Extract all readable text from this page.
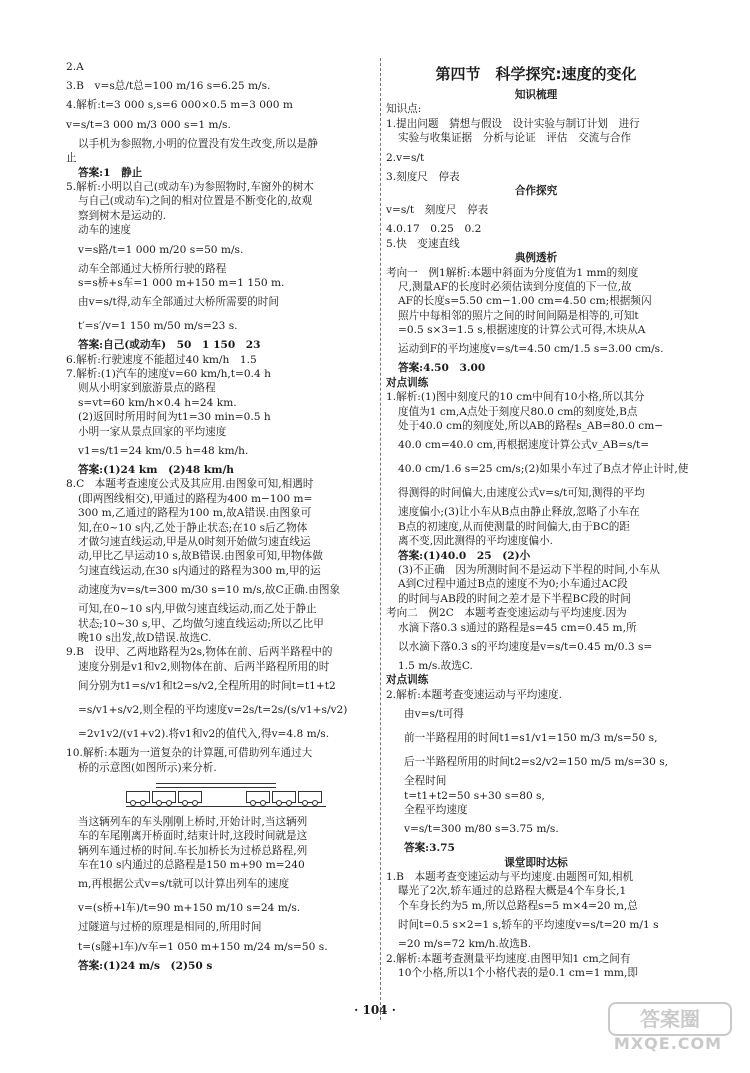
2.A
3.B　v=s总/t总=100 m/16 s=6.25 m/s.
4.解析:t=3 000 s,s=6 000×0.5 m=3 000 m
v=s/t=3 000 m/3 000 s=1 m/s.
以手机为参照物,小明的位置没有发生改变,所以是静
止
答案:1　静止
5.解析:小明以自己(或动车)为参照物时,车窗外的树木
与自己(或动车)之间的相对位置是不断变化的,故观
察到树木是运动的.
动车的速度
v=s路/t=1 000 m/20 s=50 m/s.
动车全部通过大桥所行驶的路程
s=s桥+s车=1 000 m+150 m=1 150 m.
由v=s/t得,动车全部通过大桥所需要的时间
t′=s′/v=1 150 m/50 m/s=23 s.
答案:自己(或动车)　50　1 150　23
6.解析:行驶速度不能超过40 km/h　1.5
7.解析:(1)汽车的速度v=60 km/h,t=0.4 h
则从小明家到旅游景点的路程
s=vt=60 km/h×0.4 h=24 km.
(2)返回时所用时间为t1=30 min=0.5 h
小明一家从景点回家的平均速度
v1=s/t1=24 km/0.5 h=48 km/h.
答案:(1)24 km　(2)48 km/h
8.C　本题考查速度公式及其应用.由图象可知,相遇时
(即两图线相交),甲通过的路程为400 m−100 m=
300 m,乙通过的路程为100 m,故A错误.由图象可
知,在0~10 s内,乙处于静止状态;在10 s后乙物体
才做匀速直线运动,甲是从0时刻开始做匀速直线运
动,甲比乙早运动10 s,故B错误.由图象可知,甲物体做
匀速直线运动,在30 s内通过的路程为300 m,甲的运
动速度为v=s/t=300 m/30 s=10 m/s,故C正确.由图象
可知,在0~10 s内,甲做匀速直线运动,而乙处于静止
状态;10~30 s,甲、乙均做匀速直线运动;所以乙比甲
晚10 s出发,故D错误.故选C.
9.B　设甲、乙两地路程为2s,物体在前、后两半路程中的
速度分别是v1和v2,则物体在前、后两半路程所用的时
间分别为t1=s/v1和t2=s/v2,全程所用的时间t=t1+t2
=s/v1+s/v2,则全程的平均速度v=2s/t=2s/(s/v1+s/v2)
=2v1v2/(v1+v2).将v1和v2的值代入,得v=4.8 m/s.
10.解析:本题为一道复杂的计算题,可借助列车通过大
桥的示意图(如图所示)来分析.
当这辆列车的车头刚刚上桥时,开始计时,当这辆列
车的车尾刚离开桥面时,结束计时,这段时间就是这
辆列车通过桥的时间.车长加桥长为过桥总路程,列
车在10 s内通过的总路程是150 m+90 m=240
m,再根据公式v=s/t就可以计算出列车的速度
v=(s桥+l车)/t=90 m+150 m/10 s=24 m/s.
过隧道与过桥的原理是相同的,所用时间
t=(s隧+l车)/v车=1 050 m+150 m/24 m/s=50 s.
答案:(1)24 m/s　(2)50 s
第四节　科学探究:速度的变化
知识梳理
知识点:
1.提出问题　猜想与假设　设计实验与制订计划　进行
实验与收集证据　分析与论证　评估　交流与合作
2.v=s/t
3.刻度尺　停表
合作探究
v=s/t　刻度尺　停表
4.0.17　0.25　0.2
5.快　变速直线
典例透析
考向一　例1解析:本题中斜面为分度值为1 mm的刻度
尺,测量AF的长度时必须估读到分度值的下一位,故
AF的长度s=5.50 cm−1.00 cm=4.50 cm;根据频闪
照片中每相邻的照片之间的时间间隔是相等的,可知t
=0.5 s×3=1.5 s,根据速度的计算公式可得,木块从A
运动到F的平均速度v=s/t=4.50 cm/1.5 s=3.00 cm/s.
答案:4.50　3.00
对点训练
1.解析:(1)图中刻度尺的10 cm中间有10小格,所以其分
度值为1 cm,A点处于刻度尺80.0 cm的刻度处,B点
处于40.0 cm的刻度处,所以AB的路程s_AB=80.0 cm−
40.0 cm=40.0 cm,再根据速度计算公式v_AB=s/t=
40.0 cm/1.6 s=25 cm/s;(2)如果小车过了B点才停止计时,使
得测得的时间偏大,由速度公式v=s/t可知,测得的平均
速度偏小;(3)让小车从B点由静止释放,忽略了小车在
B点的初速度,从而使测量的时间偏大,由于BC的距
离不变,因此测得的平均速度偏小.
答案:(1)40.0　25　(2)小
(3)不正确　因为所测时间不是运动下半程的时间,小车从
A到C过程中通过B点的速度不为0;小车通过AC段
的时间与AB段的时间之差才是下半程BC段的时间
考向二　例2C　本题考查变速运动与平均速度.因为
水滴下落0.3 s通过的路程是s=45 cm=0.45 m,所
以水滴下落0.3 s的平均速度是v=s/t=0.45 m/0.3 s=
1.5 m/s.故选C.
对点训练
2.解析:本题考查变速运动与平均速度.
由v=s/t可得
前一半路程用的时间t1=s1/v1=150 m/3 m/s=50 s,
后一半路程所用的时间t2=s2/v2=150 m/5 m/s=30 s,
全程时间
t=t1+t2=50 s+30 s=80 s,
全程平均速度
v=s/t=300 m/80 s=3.75 m/s.
答案:3.75
课堂即时达标
1.B　本题考查变速运动与平均速度.由题图可知,相机
曝光了2次,轿车通过的总路程大概是4个车身长,1
个车身长约为5 m,所以总路程s=5 m×4=20 m,总
时间t=0.5 s×2=1 s,轿车的平均速度v=s/t=20 m/1 s
=20 m/s=72 km/h.故选B.
2.解析:本题考查测量平均速度.由图甲知1 cm之间有
10个小格,所以1个小格代表的是0.1 cm=1 mm,即
· 104 ·	答案圈
MXQE.COM
